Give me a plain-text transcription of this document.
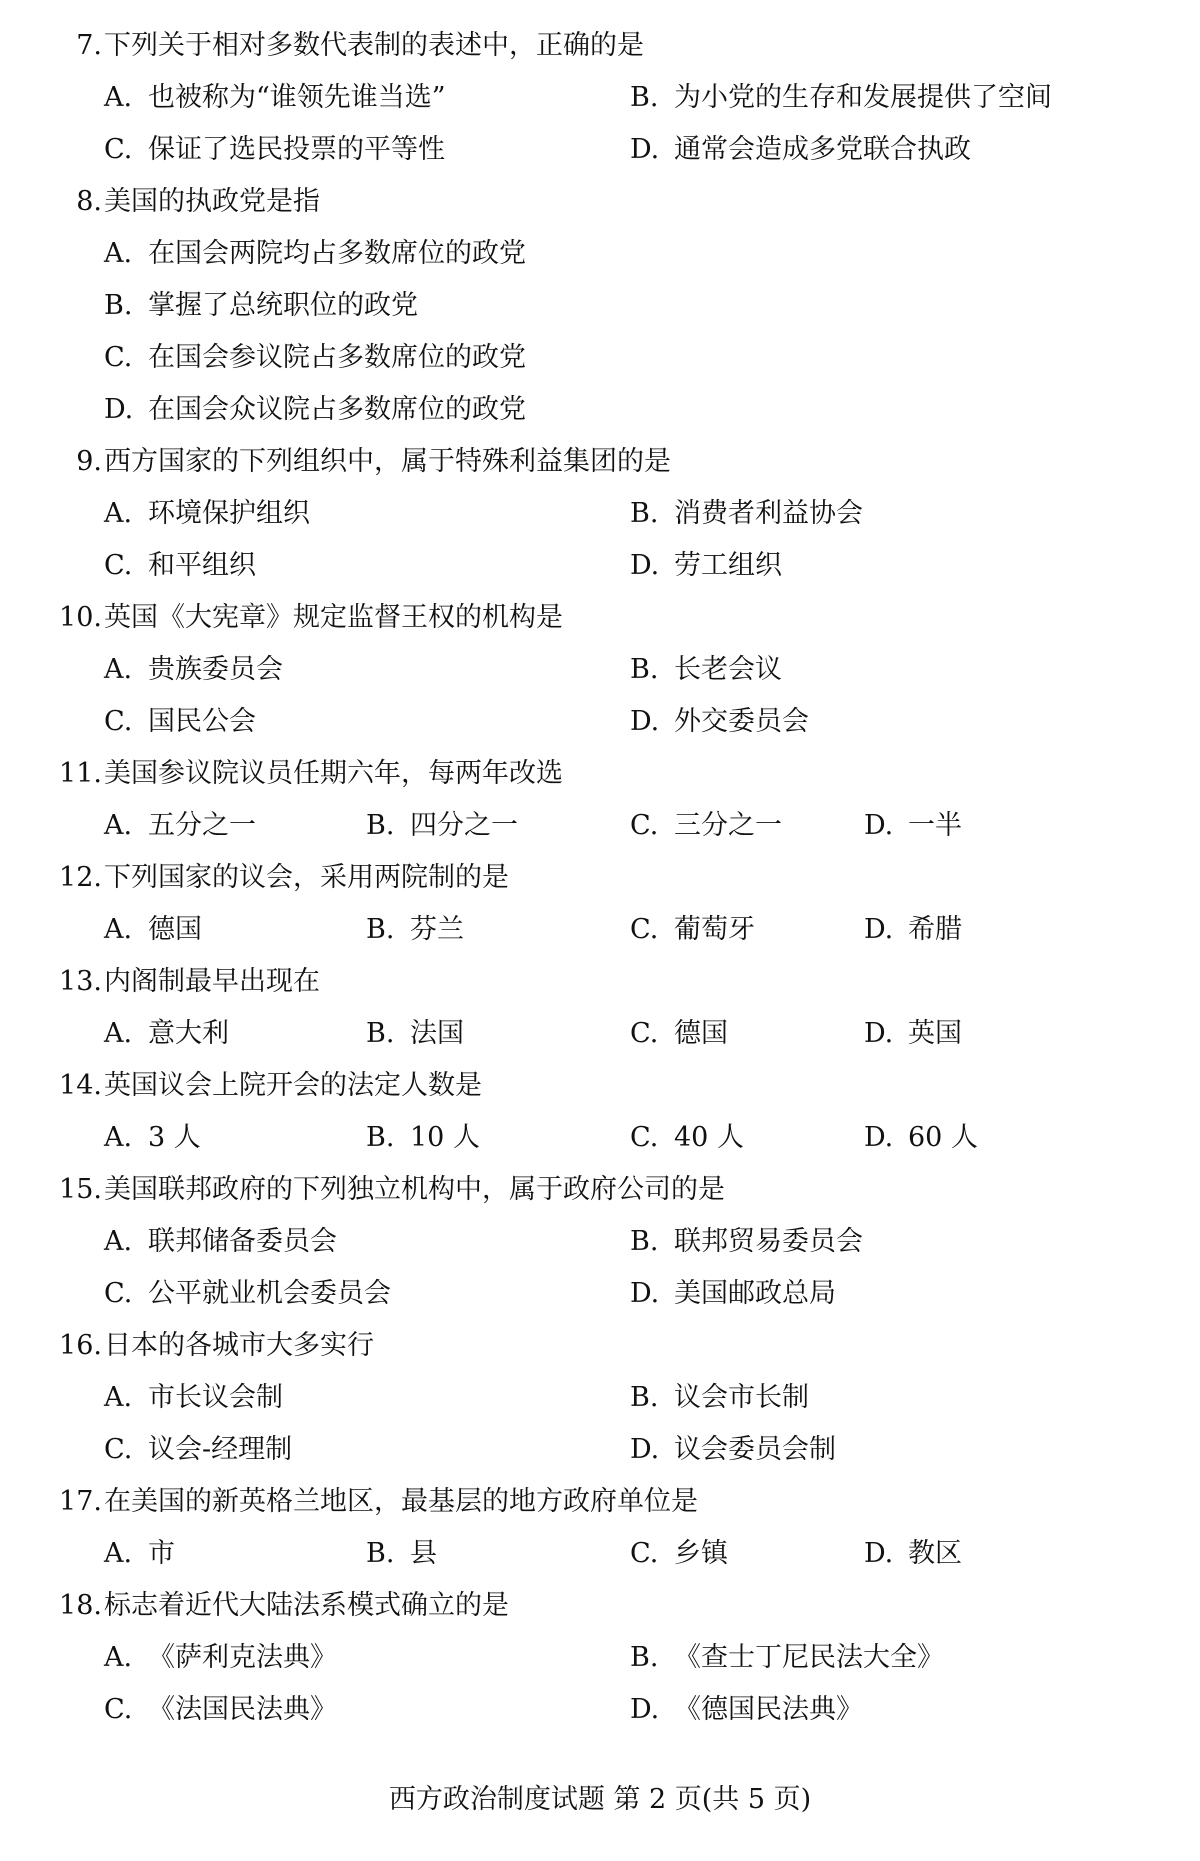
7. 下列关于相对多数代表制的表述中，正确的是
A. 也被称为“谁领先谁当选”	B. 为小党的生存和发展提供了空间
C. 保证了选民投票的平等性	D. 通常会造成多党联合执政
8. 美国的执政党是指
A. 在国会两院均占多数席位的政党
B. 掌握了总统职位的政党
C. 在国会参议院占多数席位的政党
D. 在国会众议院占多数席位的政党
9. 西方国家的下列组织中，属于特殊利益集团的是
A. 环境保护组织	B. 消费者利益协会
C. 和平组织	D. 劳工组织
10. 英国《大宪章》规定监督王权的机构是
A. 贵族委员会	B. 长老会议
C. 国民公会	D. 外交委员会
11. 美国参议院议员任期六年，每两年改选
A. 五分之一	B. 四分之一	C. 三分之一	D. 一半
12. 下列国家的议会，采用两院制的是
A. 德国	B. 芬兰	C. 葡萄牙	D. 希腊
13. 内阁制最早出现在
A. 意大利	B. 法国	C. 德国	D. 英国
14. 英国议会上院开会的法定人数是
A. 3 人	B. 10 人	C. 40 人	D. 60 人
15. 美国联邦政府的下列独立机构中，属于政府公司的是
A. 联邦储备委员会	B. 联邦贸易委员会
C. 公平就业机会委员会	D. 美国邮政总局
16. 日本的各城市大多实行
A. 市长议会制	B. 议会市长制
C. 议会-经理制	D. 议会委员会制
17. 在美国的新英格兰地区，最基层的地方政府单位是
A. 市	B. 县	C. 乡镇	D. 教区
18. 标志着近代大陆法系模式确立的是
A. 《萨利克法典》	B. 《查士丁尼民法大全》
C. 《法国民法典》	D. 《德国民法典》
西方政治制度试题 第 2 页(共 5 页)
